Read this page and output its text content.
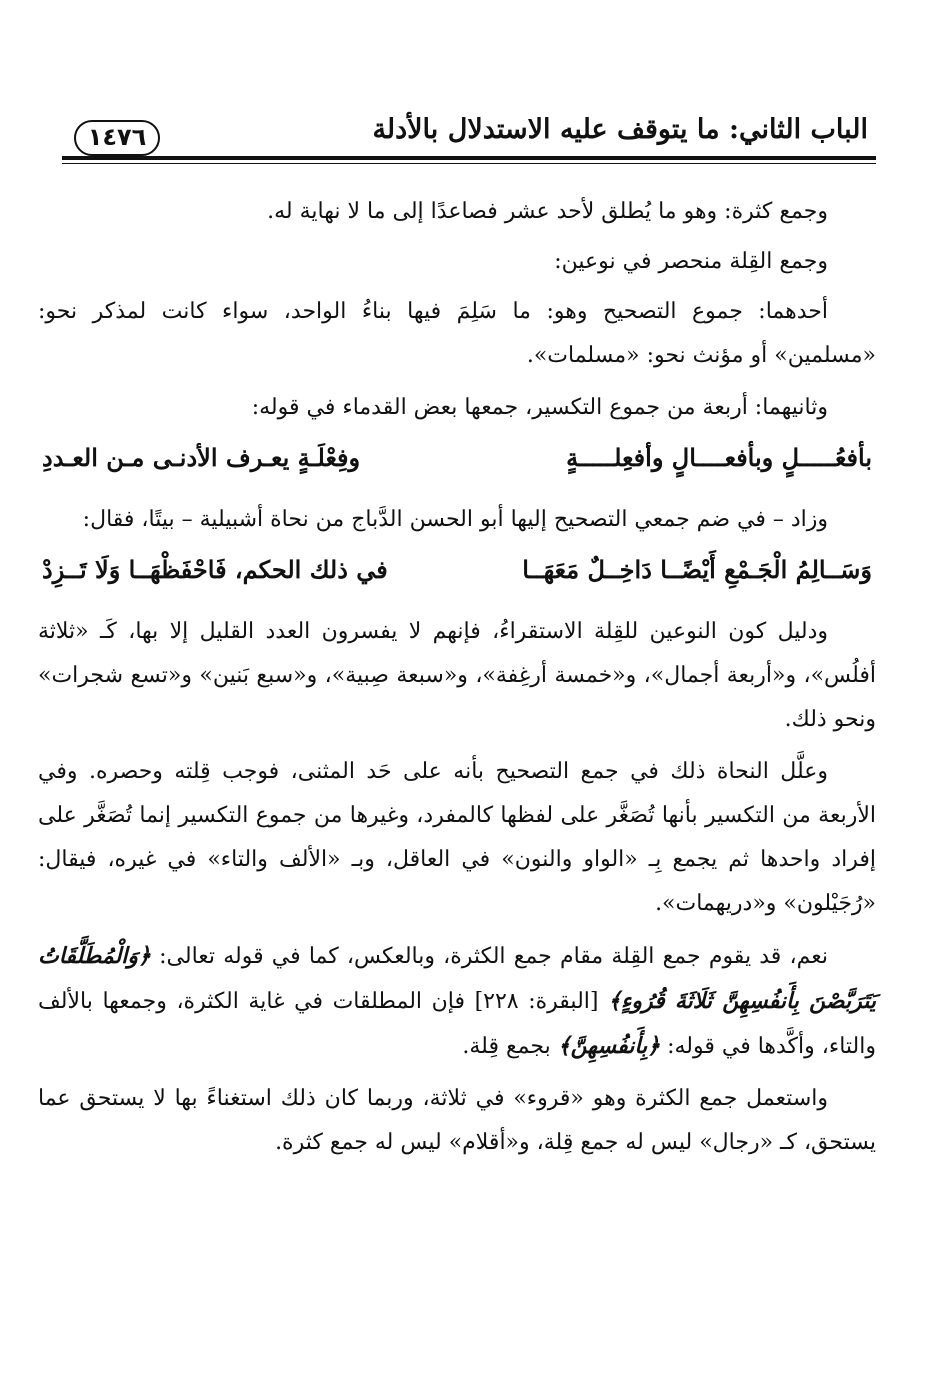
الباب الثاني: ما يتوقف عليه الاستدلال بالأدلة
١٤٧٦

وجمع كثرة: وهو ما يُطلق لأحد عشر فصاعدًا إلى ما لا نهاية له.

وجمع القِلة منحصر في نوعين:

أحدهما: جموع التصحيح وهو: ما سَلِمَ فيها بناءُ الواحد، سواء كانت لمذكر نحو: «مسلمين» أو مؤنث نحو: «مسلمات».

وثانيهما: أربعة من جموع التكسير، جمعها بعض القدماء في قوله:

بأفعُـــــلٍ وبأفعــــالٍ وأفعِلـــــةٍ
وفِعْلَـةٍ يعـرف الأدنـى مـن العـددِ

وزاد – في ضم جمعي التصحيح إليها أبو الحسن الدَّباج من نحاة أشبيلية – بيتًا، فقال:

وَسَــالِمُ الْجَـمْعِ أَيْضًــا دَاخِــلٌ مَعَهَــا
في ذلك الحكم، فَاحْفَظْهَــا وَلَا تَــزِدْ

ودليل كون النوعين للقِلة الاستقراءُ، فإنهم لا يفسرون العدد القليل إلا بها، كَـ «ثلاثة أفلُس»، و«أربعة أجمال»، و«خمسة أرغِفة»، و«سبعة صِبية»، و«سبع بَنين» و«تسع شجرات» ونحو ذلك.

وعلَّل النحاة ذلك في جمع التصحيح بأنه على حَد المثنى، فوجب قِلته وحصره. وفي الأربعة من التكسير بأنها تُصَغَّر على لفظها كالمفرد، وغيرها من جموع التكسير إنما تُصَغَّر على إفراد واحدها ثم يجمع بِـ «الواو والنون» في العاقل، وبـ «الألف والتاء» في غيره، فيقال: «رُجَيْلون» و«دريهمات».

نعم، قد يقوم جمع القِلة مقام جمع الكثرة، وبالعكس، كما في قوله تعالى: ﴿وَالْمُطَلَّقَاتُ يَتَرَبَّصْنَ بِأَنفُسِهِنَّ ثَلَاثَةَ قُرُوءٍ﴾ [البقرة: ٢٢٨] فإن المطلقات في غاية الكثرة، وجمعها بالألف والتاء، وأكَّدها في قوله: ﴿بِأَنفُسِهِنَّ﴾ بجمع قِلة.

واستعمل جمع الكثرة وهو «قروء» في ثلاثة، وربما كان ذلك استغناءً بها لا يستحق عما يستحق، كـ «رجال» ليس له جمع قِلة، و«أقلام» ليس له جمع كثرة.
